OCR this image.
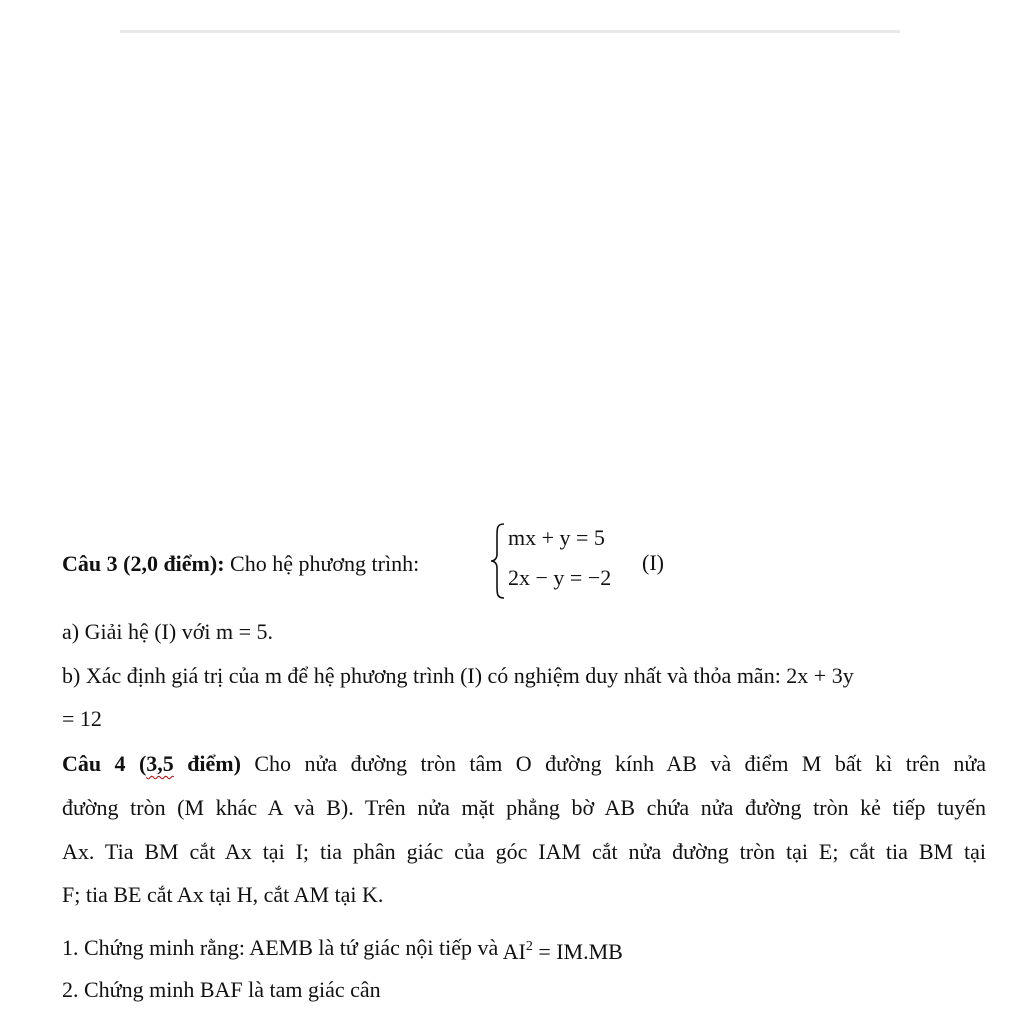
Câu 3 (2,0 điểm): Cho hệ phương trình:
mx + y = 5
2x − y = −2
(I)
a) Giải hệ (I) với m = 5.
b) Xác định giá trị của m để hệ phương trình (I) có nghiệm duy nhất và thỏa mãn: 2x + 3y
= 12
Câu 4 (3,5 điểm) Cho nửa đường tròn tâm O đường kính AB và điểm M bất kì trên nửa
đường tròn (M khác A và B). Trên nửa mặt phẳng bờ AB chứa nửa đường tròn kẻ tiếp tuyến
Ax. Tia BM cắt Ax tại I; tia phân giác của góc IAM cắt nửa đường tròn tại E; cắt tia BM tại
F; tia BE cắt Ax tại H, cắt AM tại K.
1. Chứng minh rằng: AEMB là tứ giác nội tiếp và $AI^2 = IM.MB$
2. Chứng minh BAF là tam giác cân
